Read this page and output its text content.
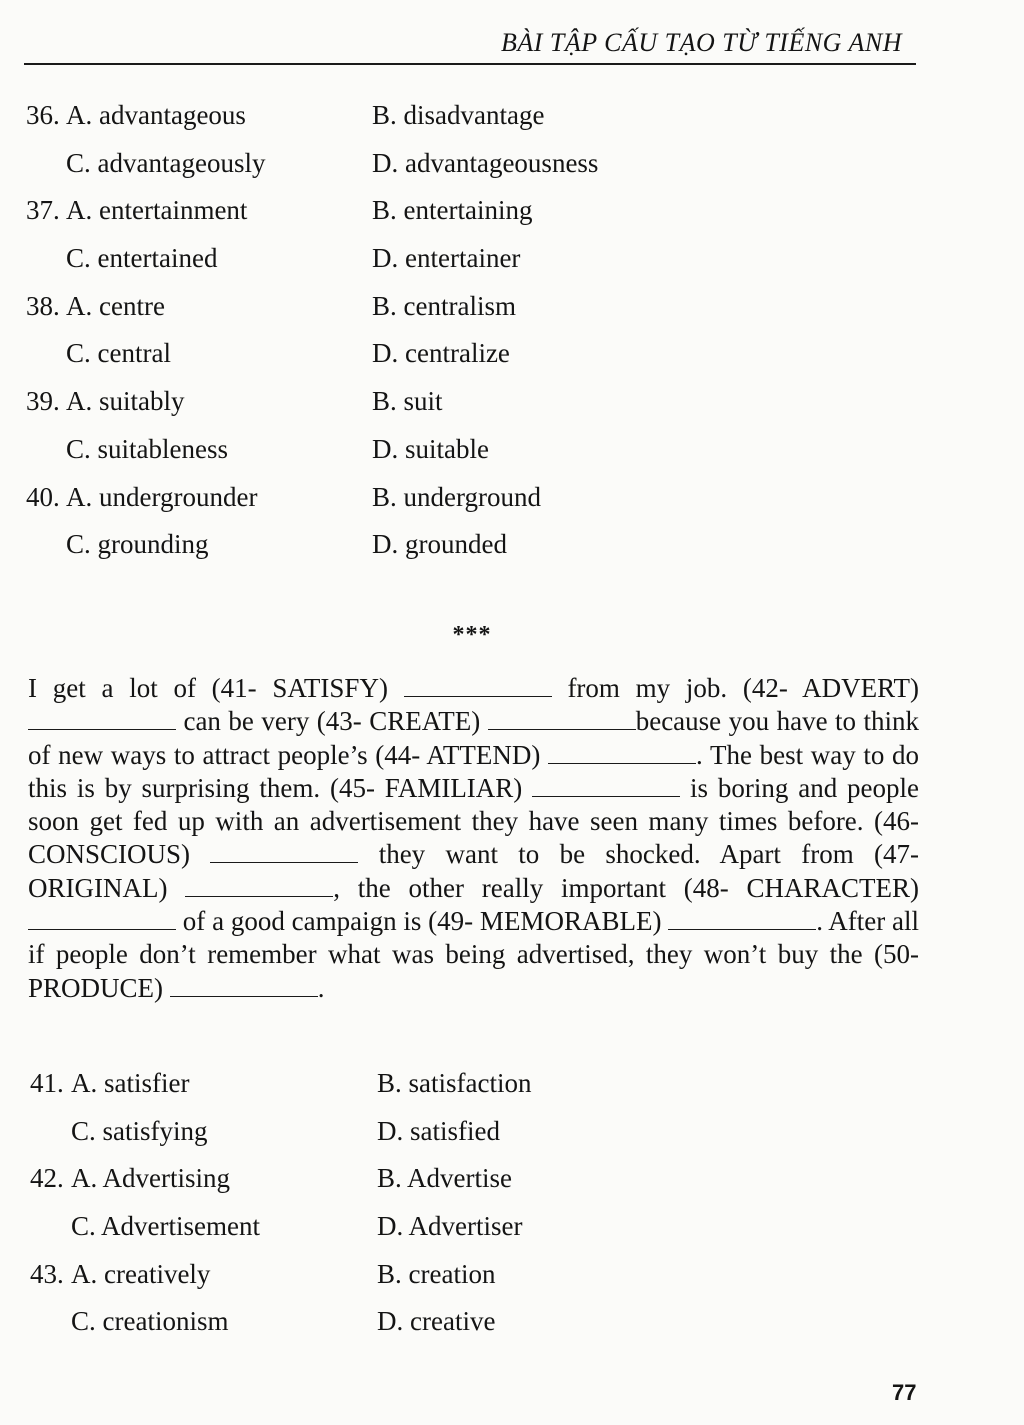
BÀI TẬP CẤU TẠO TỪ TIẾNG ANH
36. A. advantageous	B. disadvantage
C. advantageously	D. advantageousness
37. A. entertainment	B. entertaining
C. entertained	D. entertainer
38. A. centre	B. centralism
C. central	D. centralize
39. A. suitably	B. suit
C. suitableness	D. suitable
40. A. undergrounder	B. underground
C. grounding	D. grounded
***
I get a lot of (41- SATISFY)	from my job. (42- ADVERT)  can be very (43- CREATE)	because you have to think of new ways to attract people’s (44- ATTEND)	. The best way to do this is by surprising them. (45- FAMILIAR)	is boring and people soon get fed up with an advertisement they have seen many times before. (46- CONSCIOUS)	they want to be shocked. Apart from (47- ORIGINAL)	, the other really important (48- CHARACTER)  of a good campaign is (49- MEMORABLE)	. After all if people don’t remember what was being advertised, they won’t buy the (50- PRODUCE)	.
41. A. satisfier	B. satisfaction
C. satisfying	D. satisfied
42. A. Advertising	B. Advertise
C. Advertisement	D. Advertiser
43. A. creatively	B. creation
C. creationism	D. creative
77
